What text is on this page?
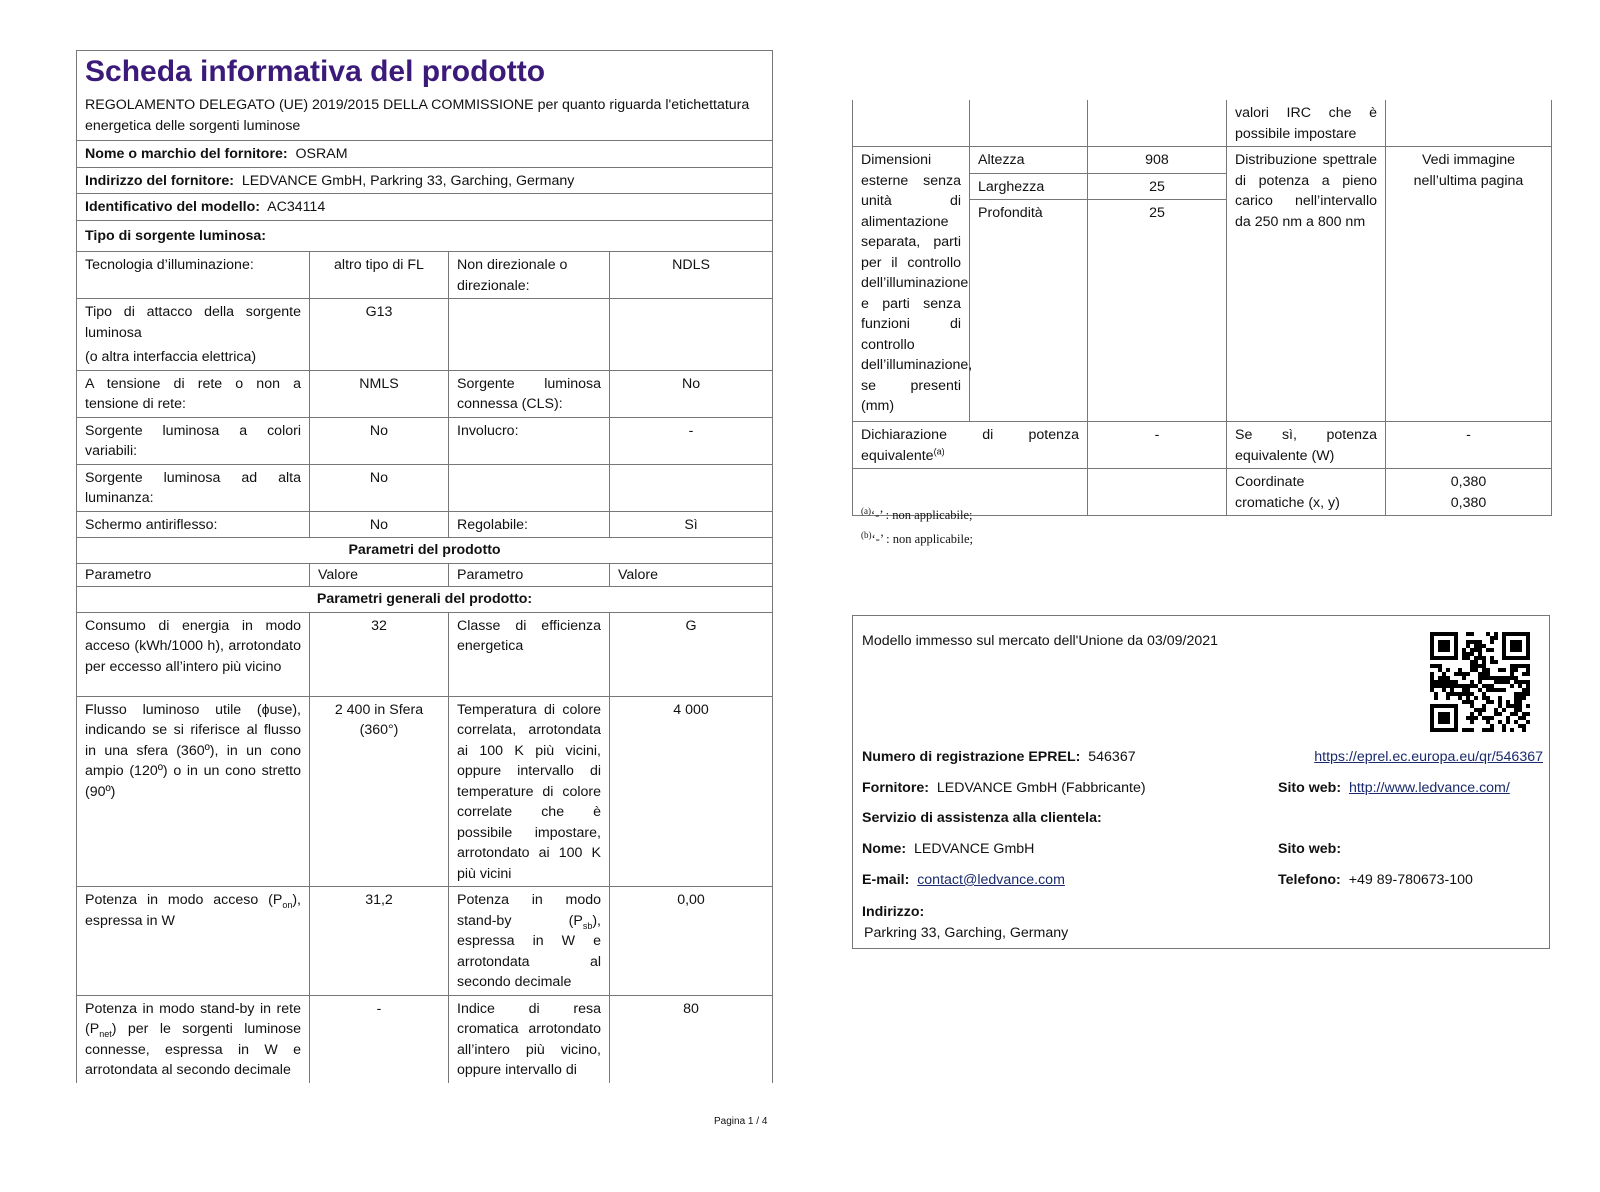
Scheda informativa del prodotto
REGOLAMENTO DELEGATO (UE) 2019/2015 DELLA COMMISSIONE per quanto riguarda l'etichettatura energetica delle sorgenti luminose			

Nome o marchio del fornitore: OSRAM			
Indirizzo del fornitore: LEDVANCE GmbH, Parkring 33, Garching, Germany			
Identificativo del modello: AC34114			
Tipo di sorgente luminosa:			
Tecnologia d’illuminazione:	altro tipo di FL	Non direzionale o direzionale:	NDLS

Tipo di attacco della sorgente luminosa
(o altra interfaccia elettrica)	G13		
A tensione di rete o non a tensione di rete:	NMLS	Sorgente luminosa connessa (CLS):	No
Sorgente luminosa a colori variabili:	No	Involucro:	-
Sorgente luminosa ad alta luminanza:	No		
Schermo antiriflesso:	No	Regolabile:	Sì
Parametri del prodotto			
Parametro	Valore	Parametro	Valore
Parametri generali del prodotto:			
Consumo di energia in modo acceso (kWh/1000 h), arrotondato per eccesso all’intero più vicino	32	Classe di efficienza energetica	G
Flusso luminoso utile (ɸuse), indicando se si riferisce al flusso in una sfera (360º), in un cono ampio (120º) o in un cono stretto (90º)	2 400 in Sfera (360°)	Temperatura di colore correlata, arrotondata ai 100 K più vicini, oppure intervallo di temperature di colore correlate che è possibile impostare, arrotondato ai 100 K più vicini	4 000
Potenza in modo acceso $(P_{on})$, espressa in W	31,2	Potenza in modo stand-by $(P_{sb})$, espressa in W e arrotondata al secondo decimale	0,00
Potenza in modo stand-by in rete $(P_{net})$ per le sorgenti luminose connesse, espressa in W e arrotondata al secondo decimale	-	Indice di resa cromatica arrotondato all’intero più vicino, oppure intervallo di	80
Pagina 1 / 4
			valori IRC che è possibile impostare	
Dimensioni esterne senza unità di alimentazione separata, parti per il controllo dell’illuminazione e parti senza funzioni di controllo dell’illuminazione, se presenti (mm)	Altezza	908	Distribuzione spettrale di potenza a pieno carico nell’intervallo da 250 nm a 800 nm	Vedi immagine nell’ultima pagina
	Larghezza	25		
	Profondità	25		

Dichiarazione di potenza equivalente$^{(a)}$		-	Se sì, potenza equivalente (W)	-
			Coordinate cromatiche (x, y)	0,380
0,380
$^{(a)}$‘-’ : non applicabile;
$^{(b)}$‘-’ : non applicabile;
Modello immesso sul mercato dell'Unione da 03/09/2021
Numero di registrazione EPREL: 546367	https://eprel.ec.europa.eu/qr/546367
Fornitore: LEDVANCE GmbH (Fabbricante)	Sito web: http://www.ledvance.com/
Servizio di assistenza alla clientela:
Nome: LEDVANCE GmbH	Sito web:
E-mail: contact@ledvance.com	Telefono: +49 89-780673-100
Indirizzo:
Parkring 33, Garching, Germany
